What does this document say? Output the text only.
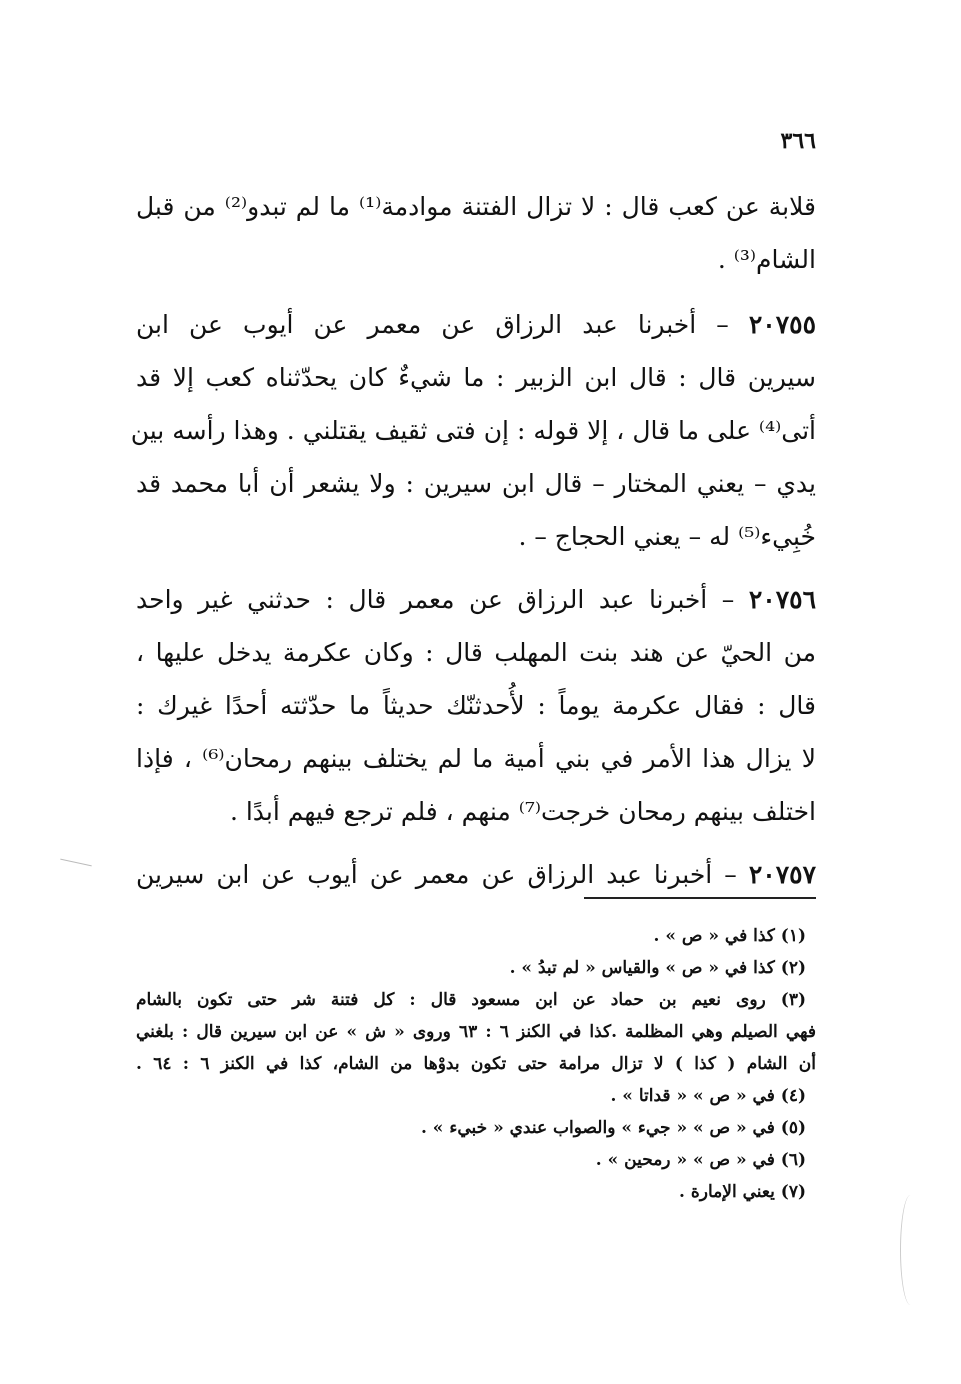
٣٦٦

قلابة عن كعب قال : لا تزال الفتنة موادمة⁽¹⁾ ما لم تبدو⁽²⁾ من قبل
الشام⁽³⁾ .

٢٠٧٥٥ – أخبرنا عبد الرزاق عن معمر عن أيوب عن ابن
سيرين قال : قال ابن الزبير : ما شيءٌ كان يحدّثناه كعب إلا قد
أتى⁽⁴⁾ على ما قال ، إلا قوله : إن فتى ثقيف يقتلني . وهذا رأسه بين
يدي – يعني المختار – قال ابن سيرين : ولا يشعر أن أبا محمد قد
خُبِيء⁽⁵⁾ له – يعني الحجاج – .

٢٠٧٥٦ – أخبرنا عبد الرزاق عن معمر قال : حدثني غير واحد
من الحيّ عن هند بنت المهلب قال : وكان عكرمة يدخل عليها ،
قال : فقال عكرمة يوماً : لأُحدثنّك حديثاً ما حدّثته أحدًا غيرك :
لا يزال هذا الأمر في بني أمية ما لم يختلف بينهم رمحان⁽⁶⁾ ، فإذا
اختلف بينهم رمحان خرجت⁽⁷⁾ منهم ، فلم ترجع فيهم أبدًا .

٢٠٧٥٧ – أخبرنا عبد الرزاق عن معمر عن أيوب عن ابن سيرين

(١) كذا في « ص » .
(٢) كذا في « ص » والقياس « لم تبدُ » .
(٣) روى نعيم بن حماد عن ابن مسعود قال : كل فتنة شر حتى تكون بالشام
فهي الصيلم وهي المظلمة .كذا في الكنز ٦ : ٦٣ وروى « ش » عن ابن سيرين قال : بلغني
أن الشام ( كذا ) لا تزال مرامة حتى تكون بدوْها من الشام، كذا في الكنز ٦ : ٦٤ .
(٤) في « ص » « قداتا » .
(٥) في « ص » « جيء » والصواب عندي « خبيء » .
(٦) في « ص » « رمحين » .
(٧) يعني الإمارة .
